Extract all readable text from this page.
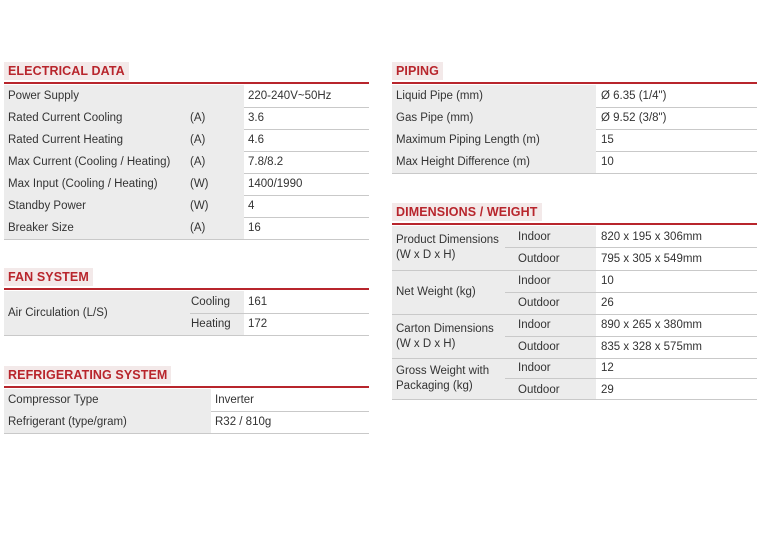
ELECTRICAL DATA
Power Supply	220-240V~50Hz
Rated Current Cooling	(A)	3.6
Rated Current Heating	(A)	4.6
Max Current (Cooling / Heating)	(A)	7.8/8.2
Max Input (Cooling / Heating)	(W)	1400/1990
Standby Power	(W)	4
Breaker Size	(A)	16
FAN SYSTEM
Air Circulation (L/S)
Cooling 161
Heating 172
REFRIGERATING SYSTEM
Compressor Type	Inverter
Refrigerant (type/gram)	R32 / 810g
PIPING
Liquid Pipe (mm)	Ø 6.35 (1/4")
Gas Pipe (mm)	Ø 9.52 (3/8")
Maximum Piping Length (m)	15
Max Height Difference (m)	10
DIMENSIONS / WEIGHT
Product Dimensions (W x D x H)
Indoor	820 x 195 x 306mm
Outdoor	795 x 305 x 549mm
Net Weight (kg)
Indoor	10
Outdoor	26
Carton Dimensions (W x D x H)
Indoor	890 x 265 x 380mm
Outdoor	835 x 328 x 575mm
Gross Weight with Packaging (kg)
Indoor	12
Outdoor	29
